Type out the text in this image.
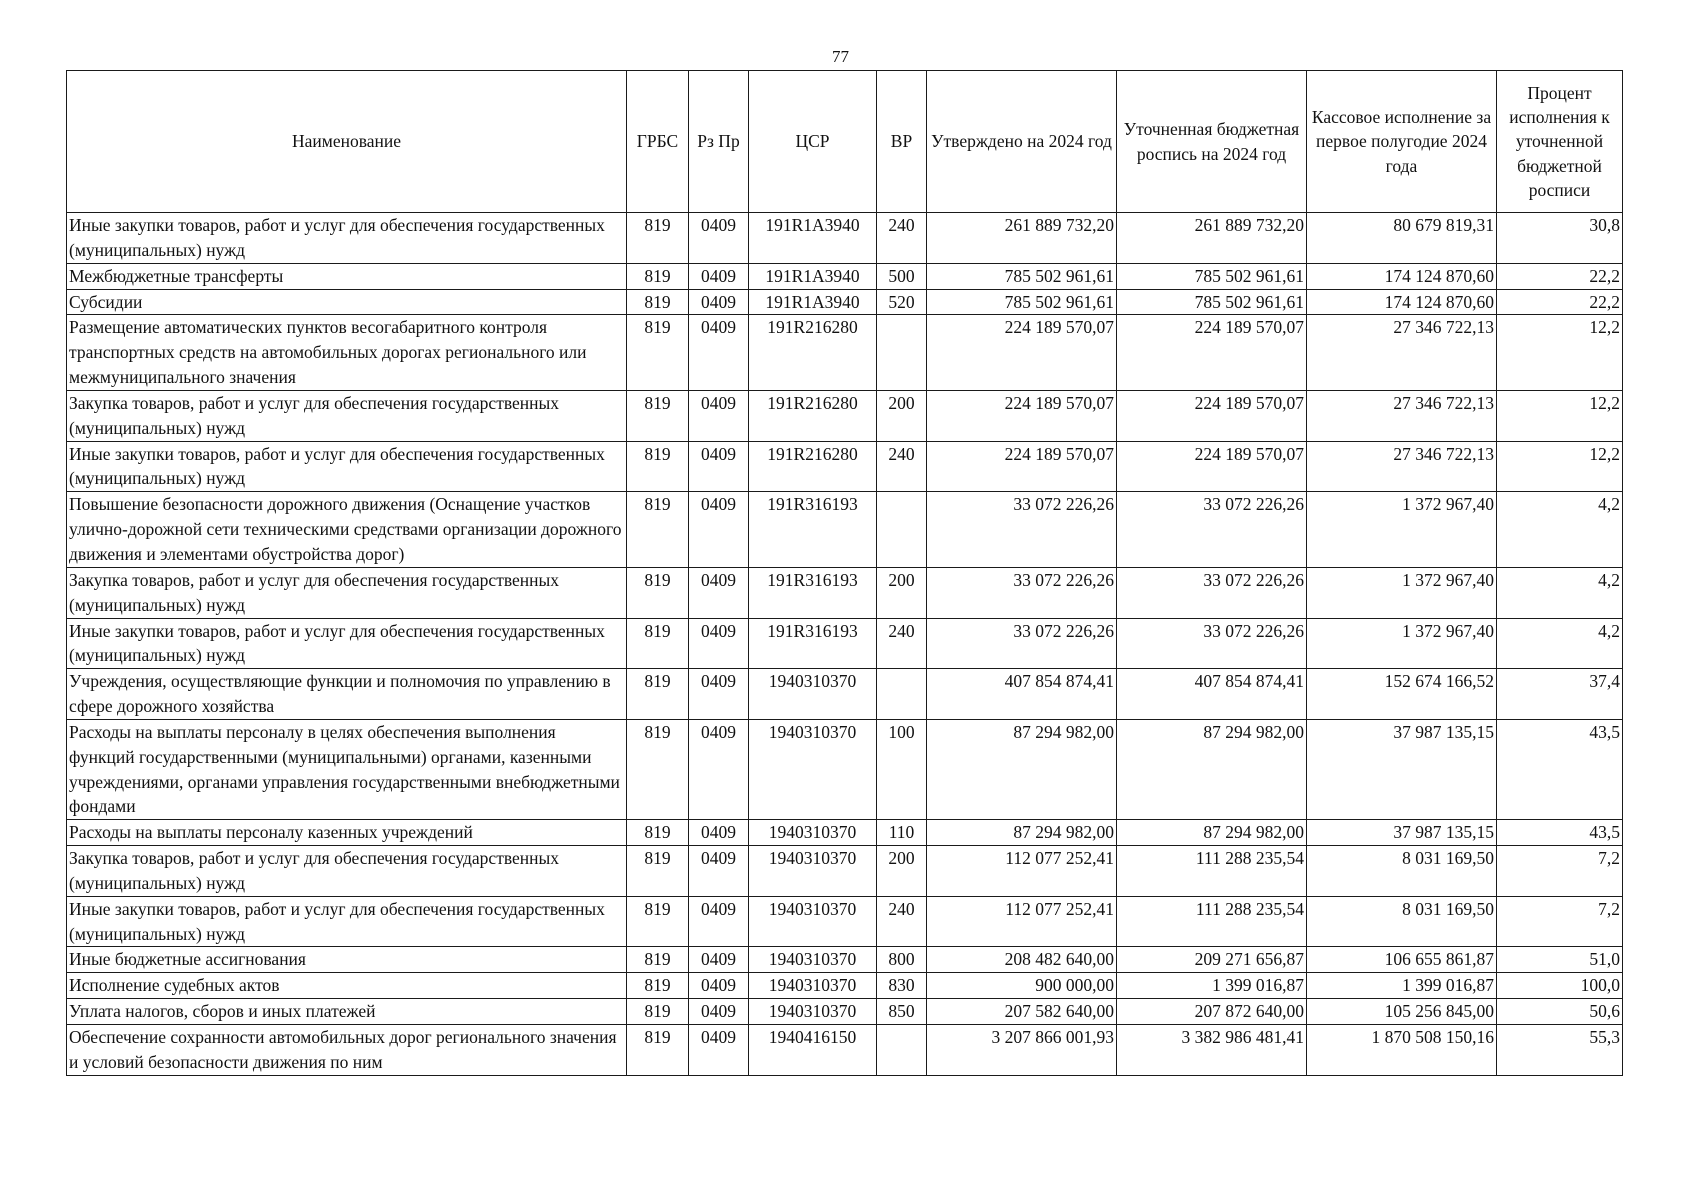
77
Наименование	ГРБС	Рз Пр	ЦСР	ВР	Утверждено на 2024 год	Уточненная бюджетная роспись на 2024 год	Кассовое исполнение за первое полугодие 2024 года	Процент исполнения к уточненной бюджетной росписи
Иные закупки товаров, работ и услуг для обеспечения государственных (муниципальных) нужд	819	0409	191R1А3940	240	261 889 732,20	261 889 732,20	80 679 819,31	30,8
Межбюджетные трансферты	819	0409	191R1А3940	500	785 502 961,61	785 502 961,61	174 124 870,60	22,2
Субсидии	819	0409	191R1А3940	520	785 502 961,61	785 502 961,61	174 124 870,60	22,2
Размещение автоматических пунктов весогабаритного контроля транспортных средств на автомобильных дорогах регионального или межмуниципального значения	819	0409	191R216280		224 189 570,07	224 189 570,07	27 346 722,13	12,2
Закупка товаров, работ и услуг для обеспечения государственных (муниципальных) нужд	819	0409	191R216280	200	224 189 570,07	224 189 570,07	27 346 722,13	12,2
Иные закупки товаров, работ и услуг для обеспечения государственных (муниципальных) нужд	819	0409	191R216280	240	224 189 570,07	224 189 570,07	27 346 722,13	12,2
Повышение безопасности дорожного движения (Оснащение участков улично-дорожной сети техническими средствами организации дорожного движения и элементами обустройства дорог)	819	0409	191R316193		33 072 226,26	33 072 226,26	1 372 967,40	4,2
Закупка товаров, работ и услуг для обеспечения государственных (муниципальных) нужд	819	0409	191R316193	200	33 072 226,26	33 072 226,26	1 372 967,40	4,2
Иные закупки товаров, работ и услуг для обеспечения государственных (муниципальных) нужд	819	0409	191R316193	240	33 072 226,26	33 072 226,26	1 372 967,40	4,2
Учреждения, осуществляющие функции и полномочия по управлению в сфере дорожного хозяйства	819	0409	1940310370		407 854 874,41	407 854 874,41	152 674 166,52	37,4
Расходы на выплаты персоналу в целях обеспечения выполнения функций государственными (муниципальными) органами, казенными учреждениями, органами управления государственными внебюджетными фондами	819	0409	1940310370	100	87 294 982,00	87 294 982,00	37 987 135,15	43,5
Расходы на выплаты персоналу казенных учреждений	819	0409	1940310370	110	87 294 982,00	87 294 982,00	37 987 135,15	43,5
Закупка товаров, работ и услуг для обеспечения государственных (муниципальных) нужд	819	0409	1940310370	200	112 077 252,41	111 288 235,54	8 031 169,50	7,2
Иные закупки товаров, работ и услуг для обеспечения государственных (муниципальных) нужд	819	0409	1940310370	240	112 077 252,41	111 288 235,54	8 031 169,50	7,2
Иные бюджетные ассигнования	819	0409	1940310370	800	208 482 640,00	209 271 656,87	106 655 861,87	51,0
Исполнение судебных актов	819	0409	1940310370	830	900 000,00	1 399 016,87	1 399 016,87	100,0
Уплата налогов, сборов и иных платежей	819	0409	1940310370	850	207 582 640,00	207 872 640,00	105 256 845,00	50,6
Обеспечение сохранности автомобильных дорог регионального значения и условий безопасности движения по ним	819	0409	1940416150		3 207 866 001,93	3 382 986 481,41	1 870 508 150,16	55,3
